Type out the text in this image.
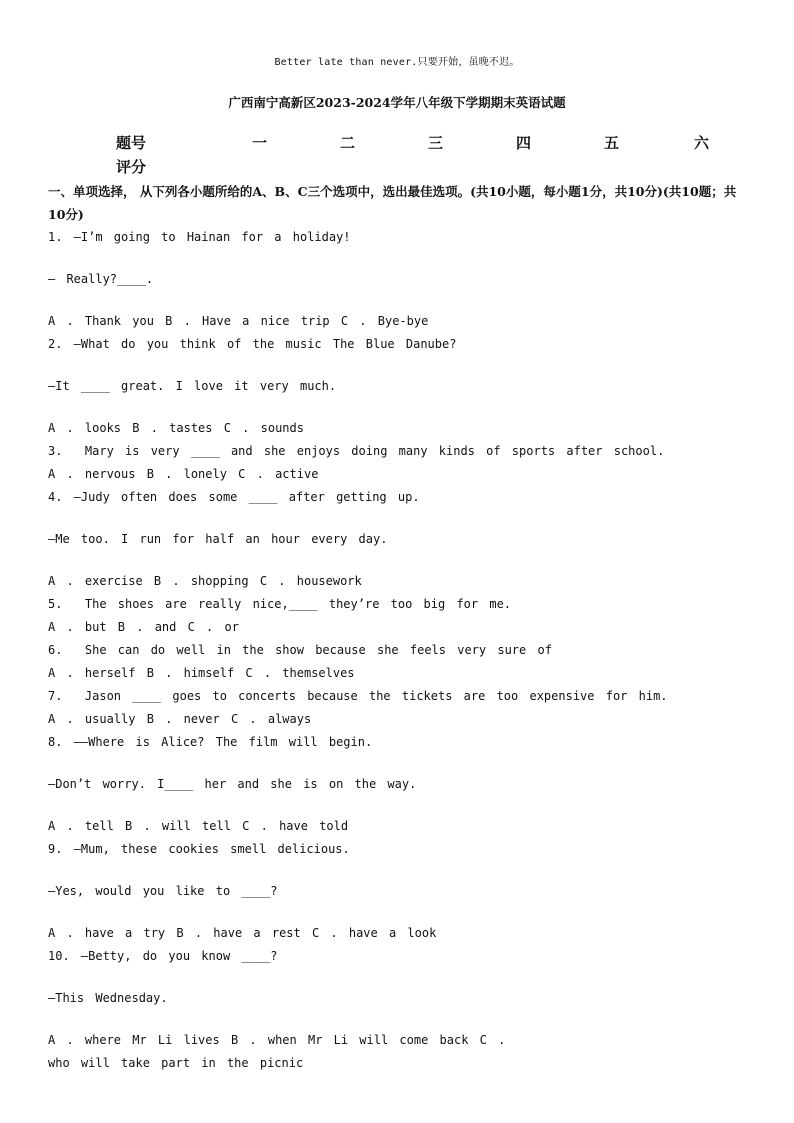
Better late than never.只要开始，虽晚不迟。
广西南宁高新区2023-2024学年八年级下学期期末英语试题
题号	一	二	三	四	五	六
评分
一、单项选择， 从下列各小题所给的A、B、C三个选项中，选出最佳选项。(共10小题，每小题1分，共10分)(共10题；共10分)
1. —I’m going to Hainan for a holiday!
— Really?____.
A . Thank you B . Have a nice trip C . Bye-bye
2. —What do you think of the music The Blue Danube?
—It ____ great. I love it very much.
A . looks B . tastes C . sounds
3.  Mary is very ____ and she enjoys doing many kinds of sports after school.
A . nervous B . lonely C . active
4. —Judy often does some ____ after getting up.
—Me too. I run for half an hour every day.
A . exercise B . shopping C . housework
5.  The shoes are really nice,____ they’re too big for me.
A . but B . and C . or
6.  She can do well in the show because she feels very sure of
A . herself B . himself C . themselves
7.  Jason ____ goes to concerts because the tickets are too expensive for him.
A . usually B . never C . always
8. ——Where is Alice? The film will begin.
—Don’t worry. I____ her and she is on the way.
A . tell B . will tell C . have told
9. —Mum, these cookies smell delicious.
—Yes, would you like to ____?
A . have a try B . have a rest C . have a look
10. —Betty, do you know ____?
—This Wednesday.
A . where Mr Li lives B . when Mr Li will come back C .
who will take part in the picnic
